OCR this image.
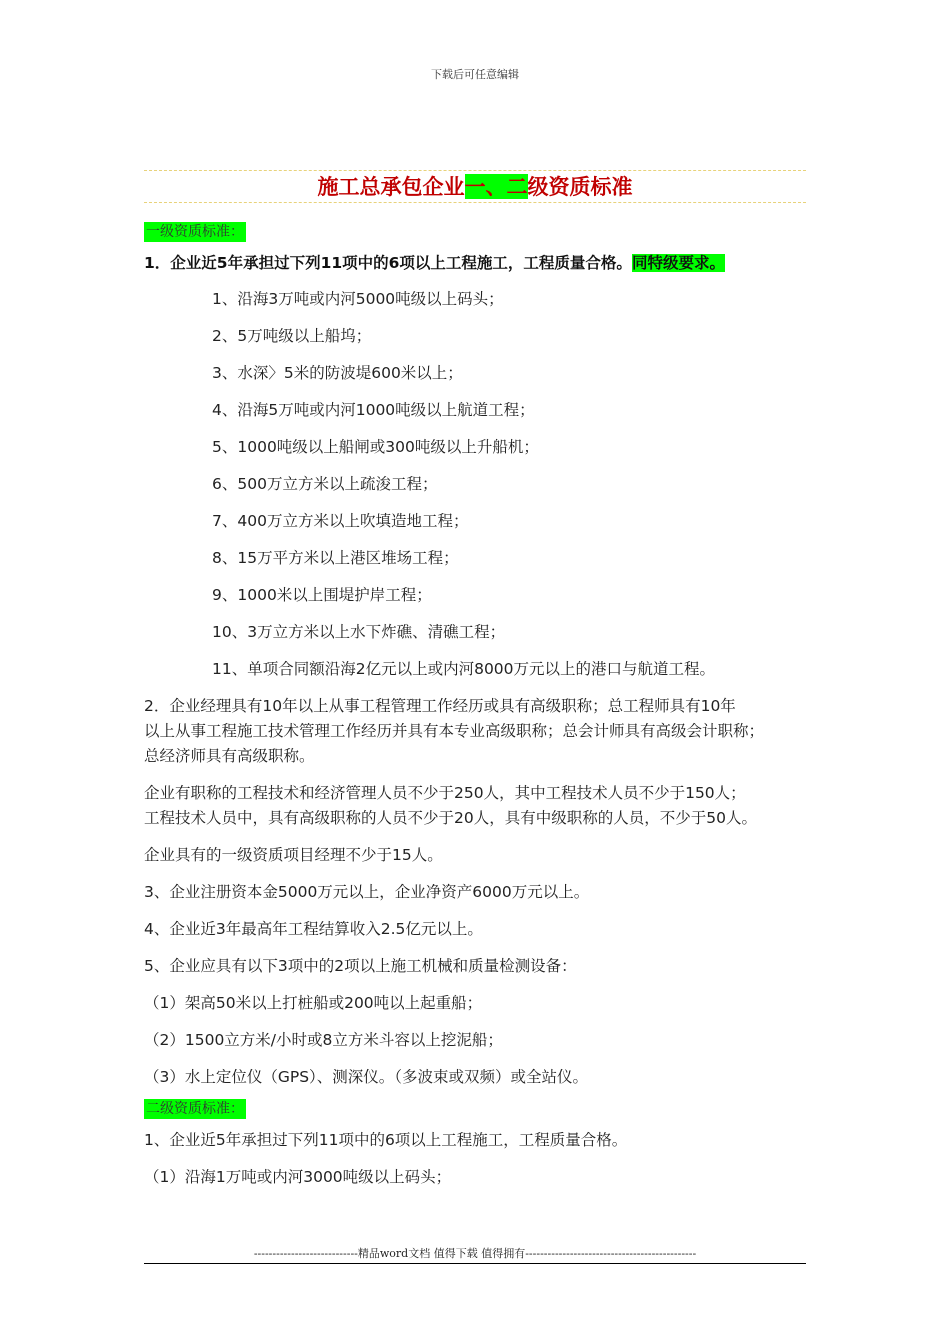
下载后可任意编辑
施工总承包企业一、二级资质标准
一级资质标准：

1．企业近5年承担过下列11项中的6项以上工程施工，工程质量合格。同特级要求。

1、沿海3万吨或内河5000吨级以上码头；

2、5万吨级以上船坞；

3、水深〉5米的防波堤600米以上；

4、沿海5万吨或内河1000吨级以上航道工程；

5、1000吨级以上船闸或300吨级以上升船机；

6、500万立方米以上疏浚工程；

7、400万立方米以上吹填造地工程；

8、15万平方米以上港区堆场工程；

9、1000米以上围堤护岸工程；

10、3万立方米以上水下炸礁、清礁工程；

11、单项合同额沿海2亿元以上或内河8000万元以上的港口与航道工程。

2．企业经理具有10年以上从事工程管理工作经历或具有高级职称；总工程师具有10年

以上从事工程施工技术管理工作经历并具有本专业高级职称；总会计师具有高级会计职称；

总经济师具有高级职称。

企业有职称的工程技术和经济管理人员不少于250人，其中工程技术人员不少于150人；

工程技术人员中，具有高级职称的人员不少于20人，具有中级职称的人员，不少于50人。

企业具有的一级资质项目经理不少于15人。

3、企业注册资本金5000万元以上，企业净资产6000万元以上。

4、企业近3年最高年工程结算收入2.5亿元以上。

5、企业应具有以下3项中的2项以上施工机械和质量检测设备：

（1）架高50米以上打桩船或200吨以上起重船；

（2）1500立方米/小时或8立方米斗容以上挖泥船；

（3）水上定位仪（GPS）、测深仪。（多波束或双频）或全站仪。

二级资质标准：

1、企业近5年承担过下列11项中的6项以上工程施工，工程质量合格。

（1）沿海1万吨或内河3000吨级以上码头；

----------------------------精品word文档 值得下载 值得拥有----------------------------------------------
